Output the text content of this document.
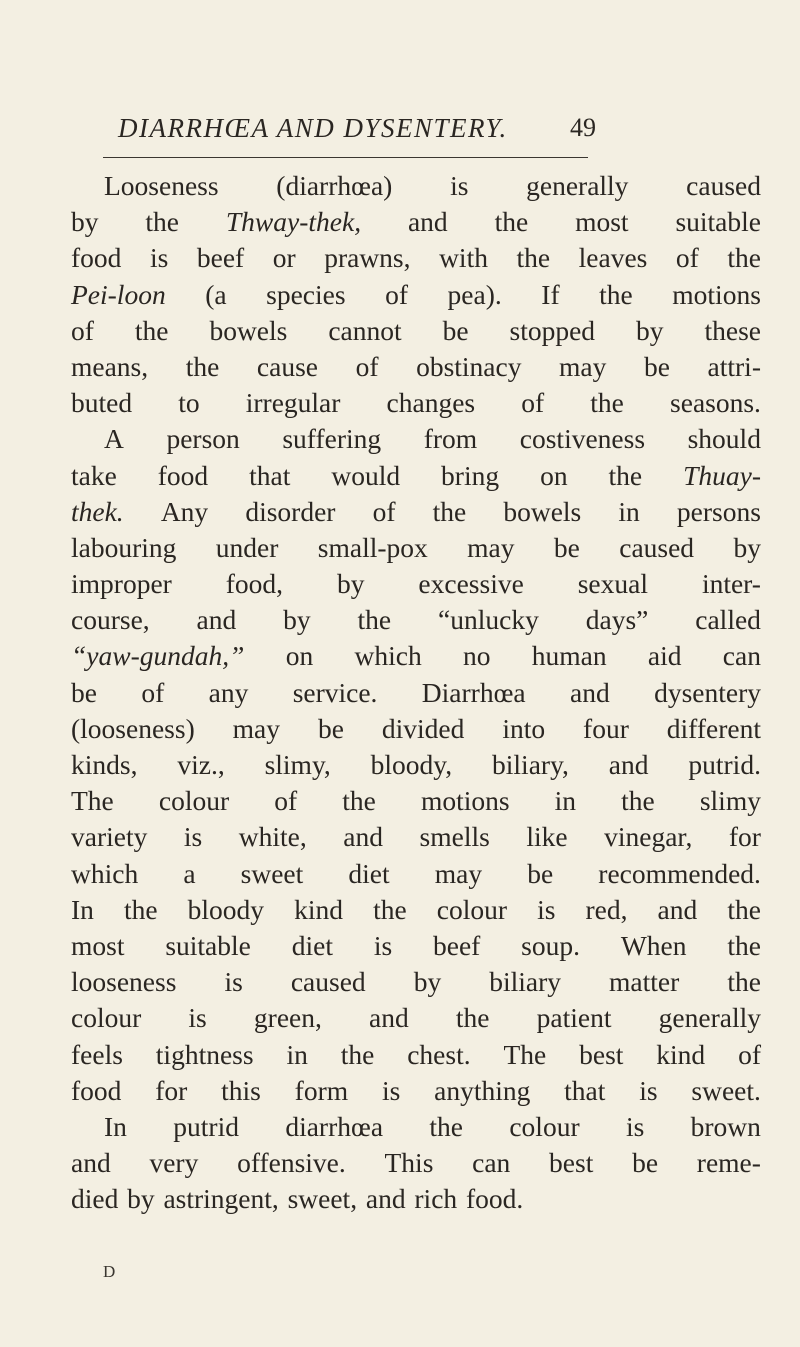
DIARRHŒA AND DYSENTERY. 49
Looseness (diarrhœa) is generally caused
by the Thway-thek, and the most suitable
food is beef or prawns, with the leaves of the
Pei-loon (a species of pea). If the motions
of the bowels cannot be stopped by these
means, the cause of obstinacy may be attri-
buted to irregular changes of the seasons.
A person suffering from costiveness should
take food that would bring on the Thuay-
thek. Any disorder of the bowels in persons
labouring under small-pox may be caused by
improper food, by excessive sexual inter-
course, and by the “unlucky days” called
“yaw-gundah,” on which no human aid can
be of any service. Diarrhœa and dysentery
(looseness) may be divided into four different
kinds, viz., slimy, bloody, biliary, and putrid.
The colour of the motions in the slimy
variety is white, and smells like vinegar, for
which a sweet diet may be recommended.
In the bloody kind the colour is red, and the
most suitable diet is beef soup. When the
looseness is caused by biliary matter the
colour is green, and the patient generally
feels tightness in the chest. The best kind of
food for this form is anything that is sweet.
In putrid diarrhœa the colour is brown
and very offensive. This can best be reme-
died by astringent, sweet, and rich food.
D
